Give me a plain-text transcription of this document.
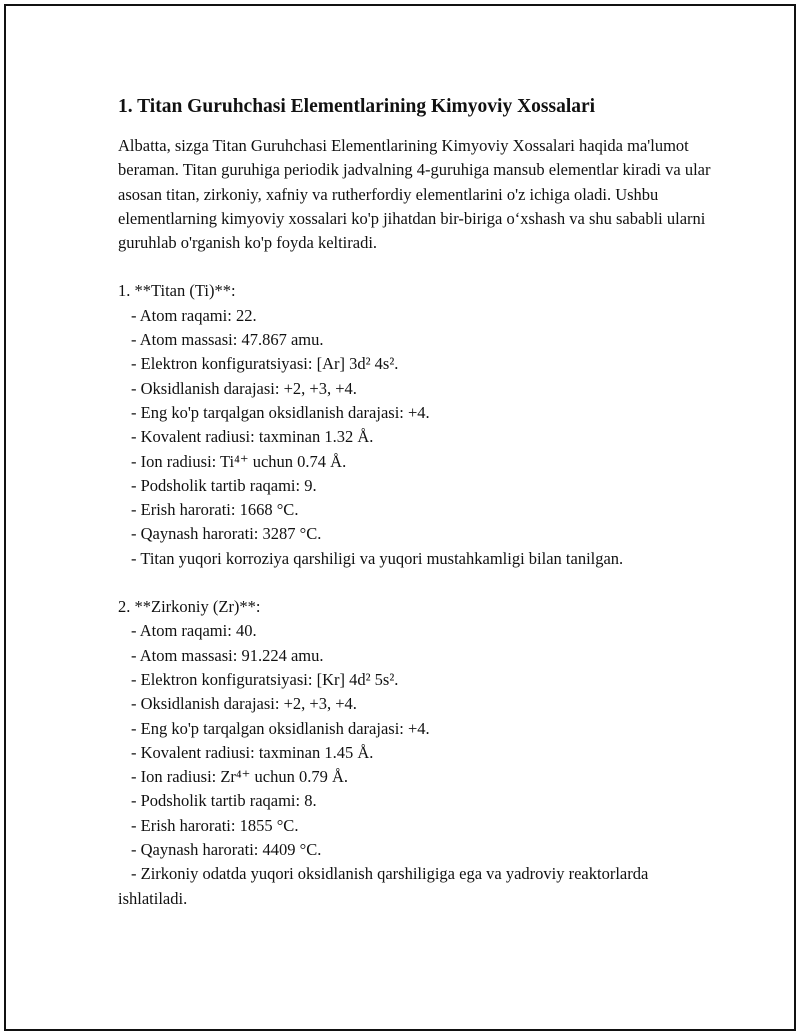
1. Titan Guruhchasi Elementlarining Kimyoviy Xossalari

Albatta, sizga Titan Guruhchasi Elementlarining Kimyoviy Xossalari haqida ma'lumot beraman. Titan guruhiga periodik jadvalning 4-guruhiga mansub elementlar kiradi va ular asosan titan, zirkoniy, xafniy va rutherfordiy elementlarini o'z ichiga oladi. Ushbu elementlarning kimyoviy xossalari ko'p jihatdan bir-biriga o‘xshash va shu sababli ularni guruhlab o'rganish ko'p foyda keltiradi.

1. **Titan (Ti)**:
- Atom raqami: 22.
- Atom massasi: 47.867 amu.
- Elektron konfiguratsiyasi: [Ar] 3d² 4s².
- Oksidlanish darajasi: +2, +3, +4.
- Eng ko'p tarqalgan oksidlanish darajasi: +4.
- Kovalent radiusi: taxminan 1.32 Å.
- Ion radiusi: Ti⁴⁺ uchun 0.74 Å.
- Podsholik tartib raqami: 9.
- Erish harorati: 1668 °C.
- Qaynash harorati: 3287 °C.
- Titan yuqori korroziya qarshiligi va yuqori mustahkamligi bilan tanilgan.
2. **Zirkoniy (Zr)**:
- Atom raqami: 40.
- Atom massasi: 91.224 amu.
- Elektron konfiguratsiyasi: [Kr] 4d² 5s².
- Oksidlanish darajasi: +2, +3, +4.
- Eng ko'p tarqalgan oksidlanish darajasi: +4.
- Kovalent radiusi: taxminan 1.45 Å.
- Ion radiusi: Zr⁴⁺ uchun 0.79 Å.
- Podsholik tartib raqami: 8.
- Erish harorati: 1855 °C.
- Qaynash harorati: 4409 °C.
- Zirkoniy odatda yuqori oksidlanish qarshiligiga ega va yadroviy reaktorlarda ishlatiladi.
